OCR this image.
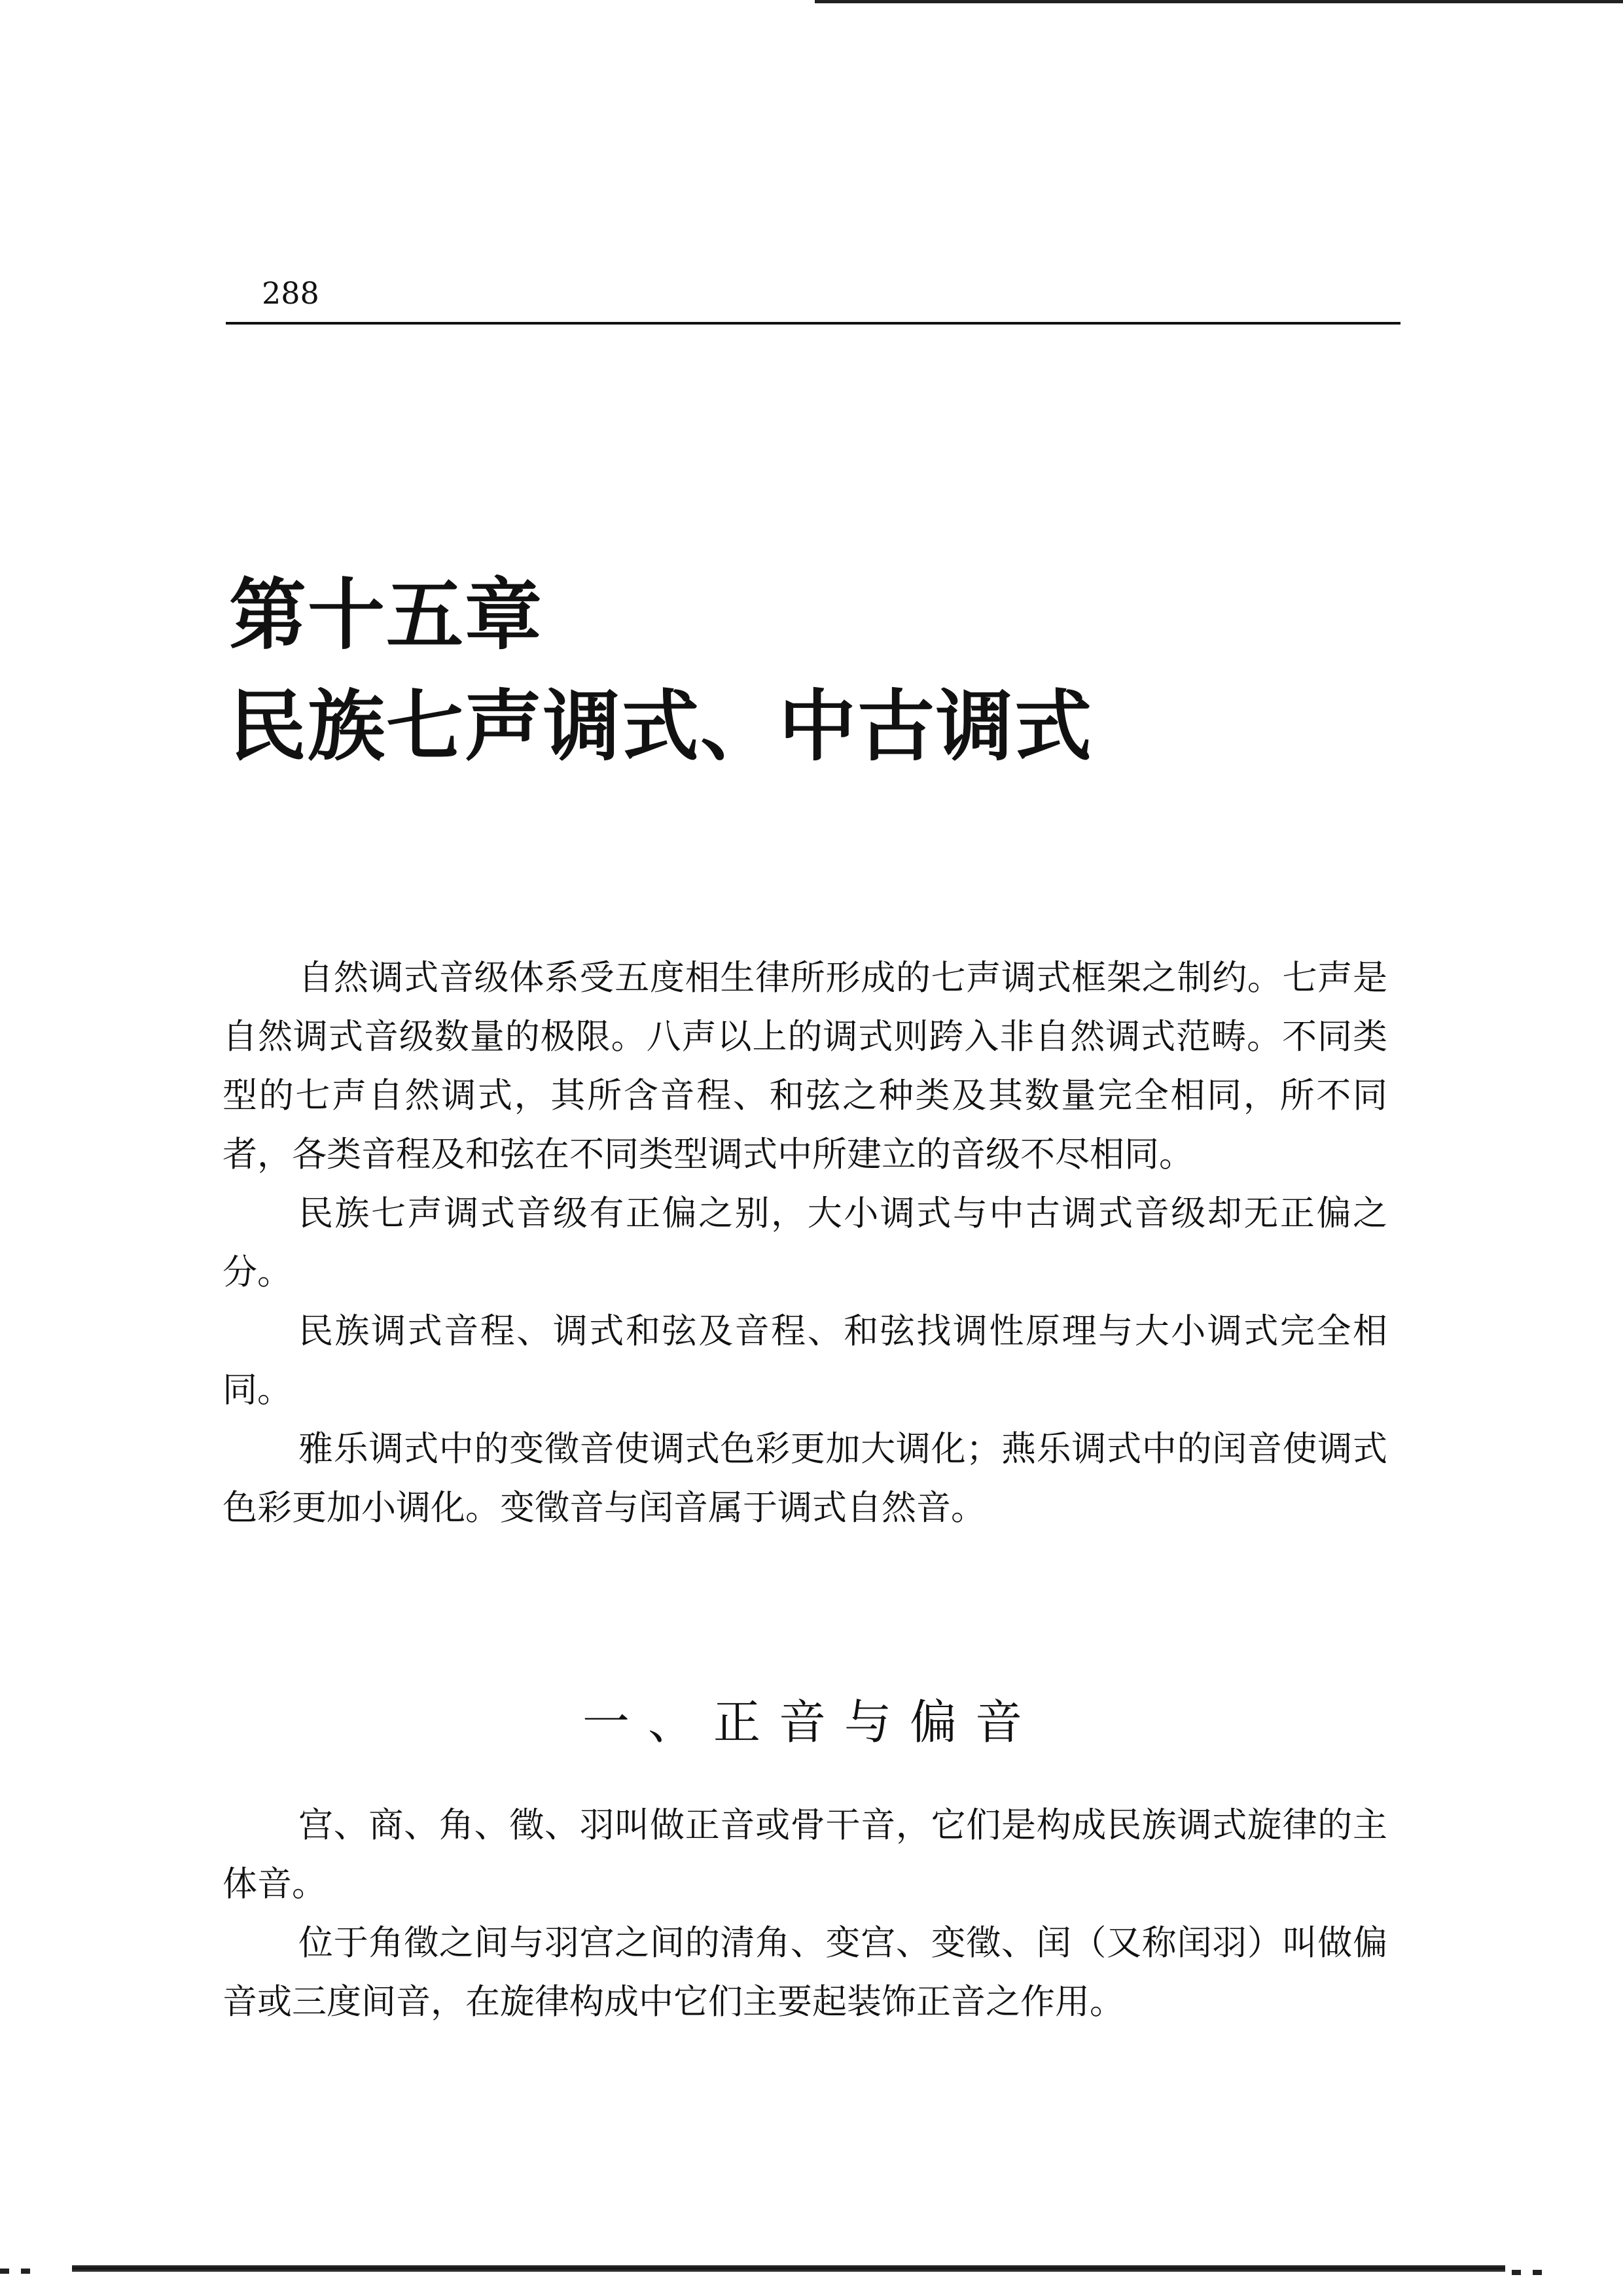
288
第十五章
民族七声调式、中古调式

自然调式音级体系受五度相生律所形成的七声调式框架之制约。七声是自然调式音级数量的极限。八声以上的调式则跨入非自然调式范畴。不同类型的七声自然调式，其所含音程、和弦之种类及其数量完全相同，所不同者，各类音程及和弦在不同类型调式中所建立的音级不尽相同。

民族七声调式音级有正偏之别，大小调式与中古调式音级却无正偏之分。

民族调式音程、调式和弦及音程、和弦找调性原理与大小调式完全相同。

雅乐调式中的变徵音使调式色彩更加大调化；燕乐调式中的闰音使调式色彩更加小调化。变徵音与闰音属于调式自然音。

一、正音与偏音

宫、商、角、徵、羽叫做正音或骨干音，它们是构成民族调式旋律的主体音。

位于角徵之间与羽宫之间的清角、变宫、变徵、闰（又称闰羽）叫做偏音或三度间音，在旋律构成中它们主要起装饰正音之作用。
